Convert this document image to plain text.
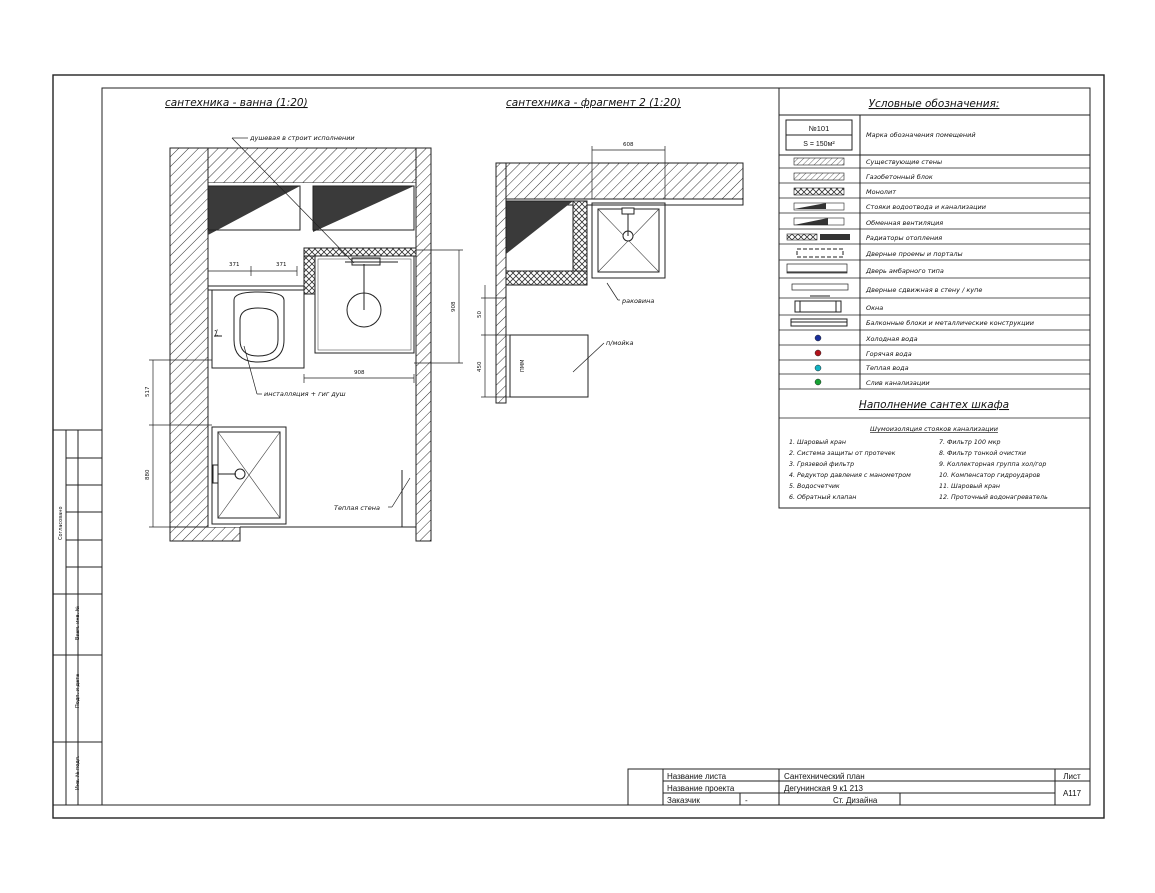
Согласовано
Взам. инв. №
Подп. и дата
Инв. № подл.
сантехника - ванна (1:20)
⁒
371	371
908
908
517
880
душевая в строит исполнении
инсталляция + гиг душ
Теплая стена
сантехника - фрагмент 2 (1:20)
ПММ
608
50
450
раковина
п/мойка
Условные обозначения:
№101
S = 150м²
Марка обозначения помещений
Существующие стены
Газобетонный блок
Монолит
Стояки водоотвода и канализации
Обменная вентиляция
Радиаторы отопления
Дверные проемы и порталы
Дверь амбарного типа
Дверные сдвижная в стену / купе
Окна
Балконные блоки и металлические конструкции
Холодная вода
Горячая вода
Теплая вода
Слив канализации
Наполнение сантех шкафа
Шумоизоляция стояков канализации
1. Шаровый кран
2. Система защиты от протечек
3. Грязевой фильтр
4. Редуктор давления с манометром
5. Водосчетчик
6. Обратный клапан
7. Фильтр 100 мкр
8. Фильтр тонкой очистки
9. Коллекторная группа хол/гор
10. Компенсатор гидроударов
11. Шаровый кран
12. Проточный водонагреватель
Название листа	Сантехнический план
Название проекта	Дегунинская 9 к1 213
Заказчик	-	Ст. Дизайна
Лист
А117
